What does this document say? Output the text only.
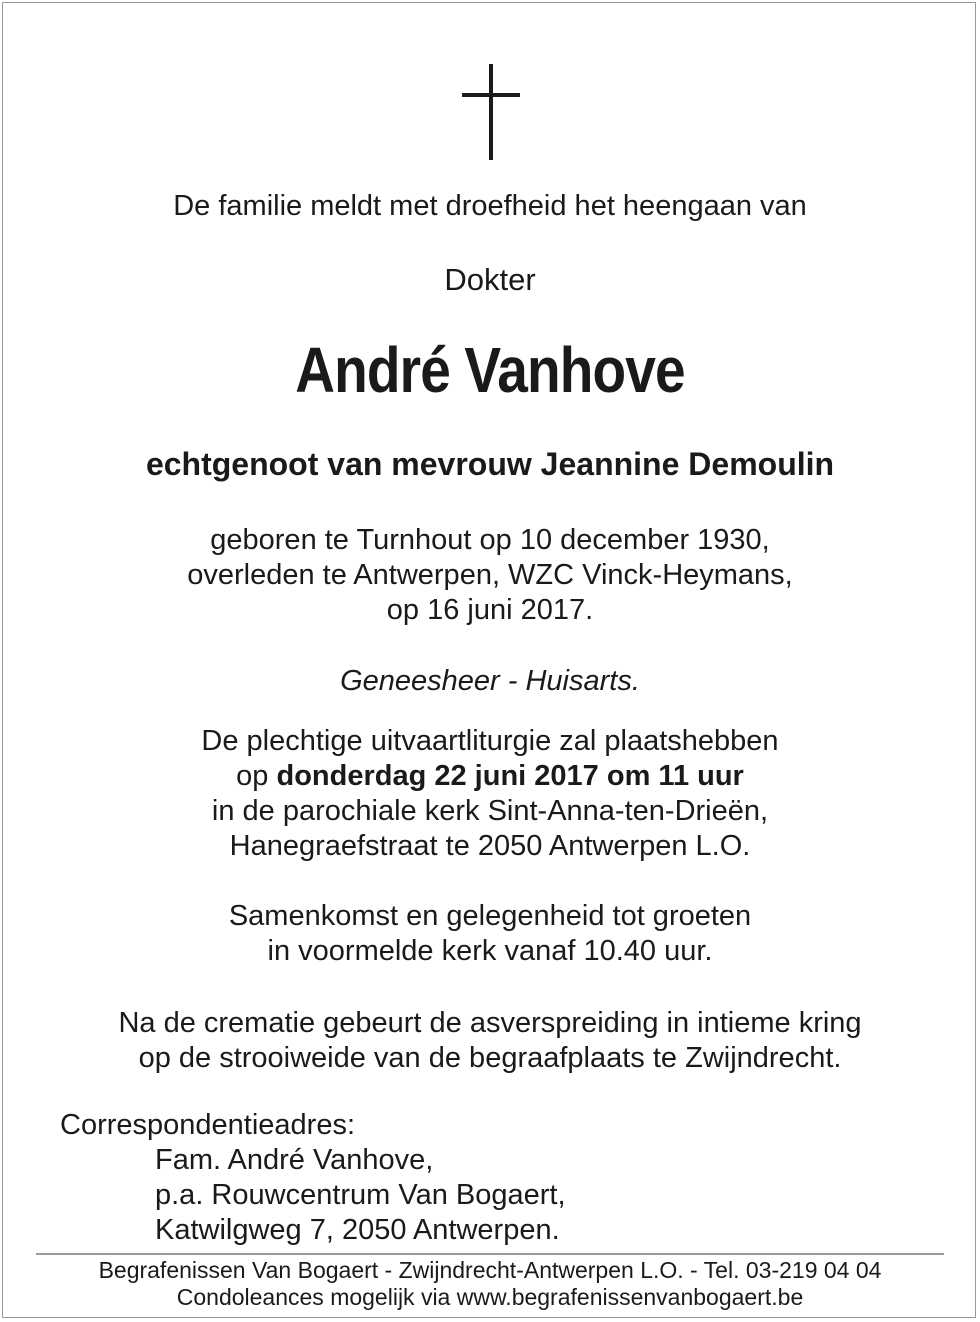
De familie meldt met droefheid het heengaan van
Dokter
André Vanhove
echtgenoot van mevrouw Jeannine Demoulin
geboren te Turnhout op 10 december 1930,
overleden te Antwerpen, WZC Vinck-Heymans,
op 16 juni 2017.
Geneesheer - Huisarts.
De plechtige uitvaartliturgie zal plaatshebben
op donderdag 22 juni 2017 om 11 uur
in de parochiale kerk Sint-Anna-ten-Drieën,
Hanegraefstraat te 2050 Antwerpen L.O.
Samenkomst en gelegenheid tot groeten
in voormelde kerk vanaf 10.40 uur.
Na de crematie gebeurt de asverspreiding in intieme kring
op de strooiweide van de begraafplaats te Zwijndrecht.
Correspondentieadres:
Fam. André Vanhove,
p.a. Rouwcentrum Van Bogaert,
Katwilgweg 7, 2050 Antwerpen.
Begrafenissen Van Bogaert - Zwijndrecht-Antwerpen L.O. - Tel. 03-219 04 04
Condoleances mogelijk via www.begrafenissenvanbogaert.be
